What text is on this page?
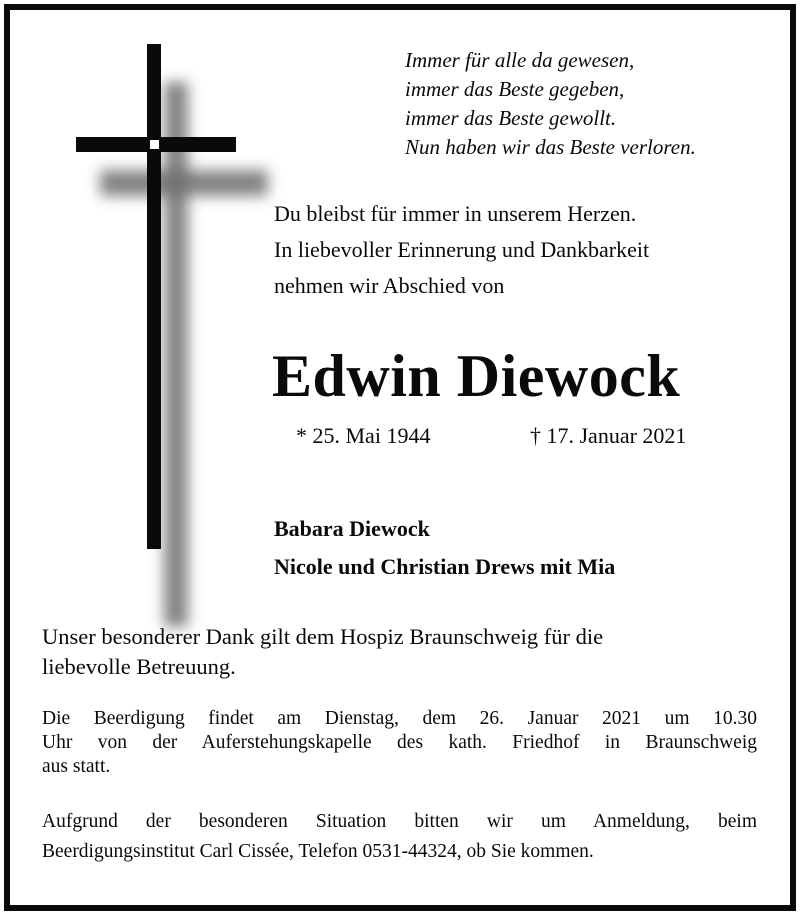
Immer für alle da gewesen,
immer das Beste gegeben,
immer das Beste gewollt.
Nun haben wir das Beste verloren.
Du bleibst für immer in unserem Herzen.
In liebevoller Erinnerung und Dankbarkeit
nehmen wir Abschied von
Edwin Diewock
* 25. Mai 1944	† 17. Januar 2021
Babara Diewock
Nicole und Christian Drews mit Mia
Unser besonderer Dank gilt dem Hospiz Braunschweig für die
liebevolle Betreuung.
Die Beerdigung findet am Dienstag, dem 26. Januar 2021 um 10.30
Uhr von der Auferstehungskapelle des kath. Friedhof in Braunschweig
aus statt.
Aufgrund der besonderen Situation bitten wir um Anmeldung, beim
Beerdigungsinstitut Carl Cissée, Telefon 0531-44324, ob Sie kommen.
